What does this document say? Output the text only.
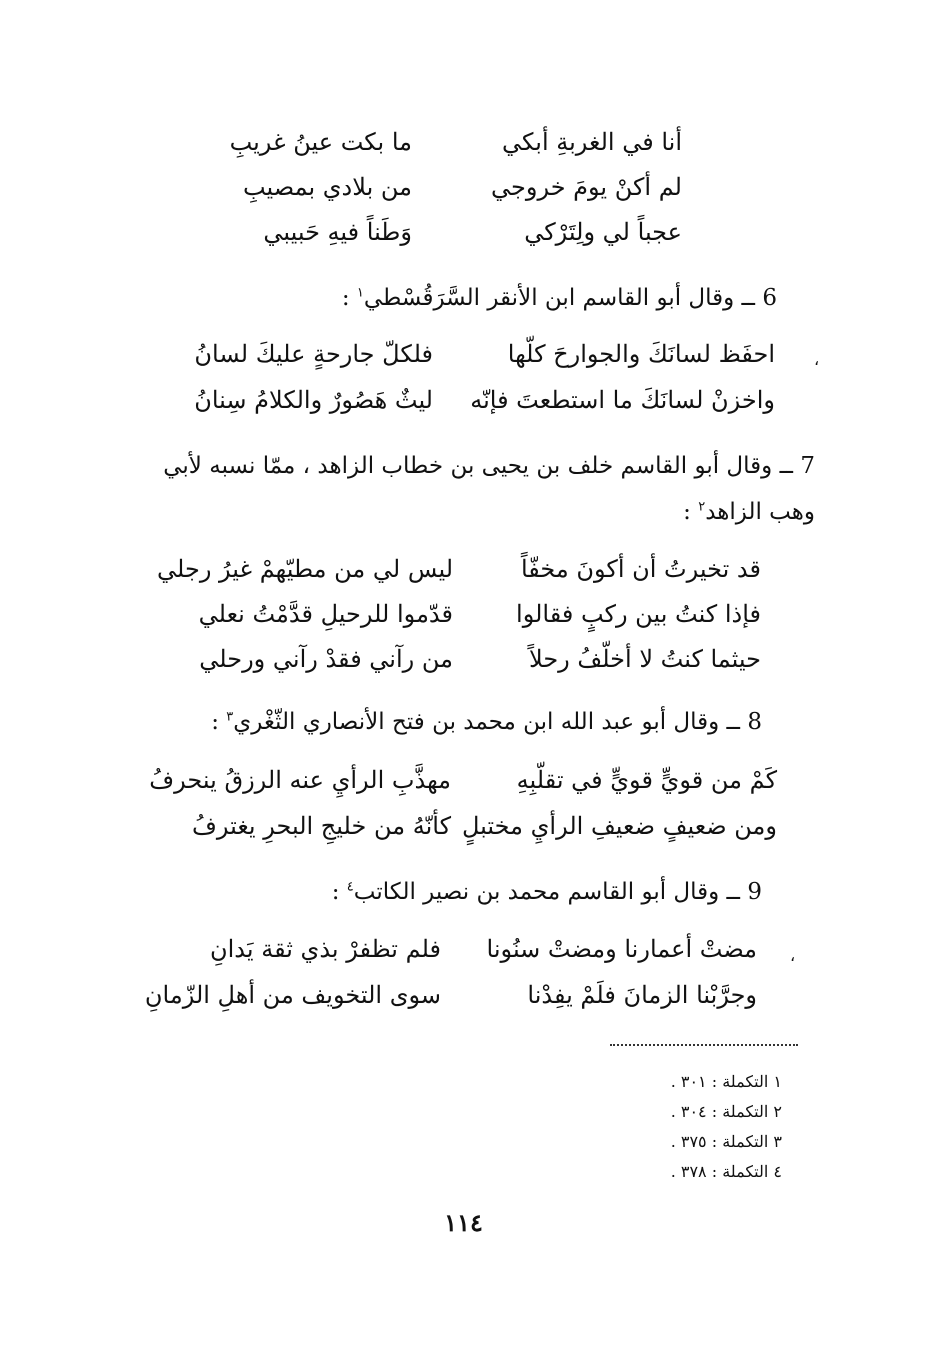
أنا في الغربةِ أبكي
ما بكت عينُ غريبِ
لم أكنْ يومَ خروجي
من بلادي بمصيبِ
عجباً لي ولِتَرْكي
وَطَناً فيهِ حَبيبي
6 ــ وقال أبو القاسم ابن الأنقر السَّرَقُسْطي$^١$ :
،
احفَظ لسانَكَ والجوارحَ كلّها
فلكلّ جارحةٍ عليكَ لسانُ
واخزنْ لسانَكَ ما استطعتَ فإنّه
ليثٌ هَصُورٌ والكلامُ سِنانُ
7 ــ وقال أبو القاسم خلف بن يحيى بن خطاب الزاهد ، ممّا نسبه لأبي
وهب الزاهد$^٢$ :
قد تخيرتُ أن أكونَ مخفّاً
ليس لي من مطيّهمْ غيرُ رجلي
فإذا كنتُ بين ركبٍ فقالوا
قدّموا للرحيلِ قدَّمْتُ نعلي
حيثما كنتُ لا أخلّفُ رحلاً
من رآني فقدْ رآني ورحلي
8 ــ وقال أبو عبد الله ابن محمد بن فتح الأنصاري الثّغْري$^٣$ :
كَمْ من قويٍّ قويٍّ في تقلّبِهِ
مهذَّبِ الرأيِ عنه الرزقُ ينحرفُ
ومن ضعيفٍ ضعيفِ الرأيِ مختبلٍ
كأنّهُ من خليجِ البحرِ يغترفُ
9 ــ وقال أبو القاسم محمد بن نصير الكاتب$^٤$ :
،
مضتْ أعمارنا ومضتْ سنُونا
فلم تظفرْ بذي ثقة يَدانِ
وجرَّبْنا الزمانَ فلَمْ يفِدْنا
سوى التخويف من أهلِ الزّمانِ
١ التكملة : ٣٠١ .
٢ التكملة : ٣٠٤ .
٣ التكملة : ٣٧٥ .
٤ التكملة : ٣٧٨ .
١١٤
